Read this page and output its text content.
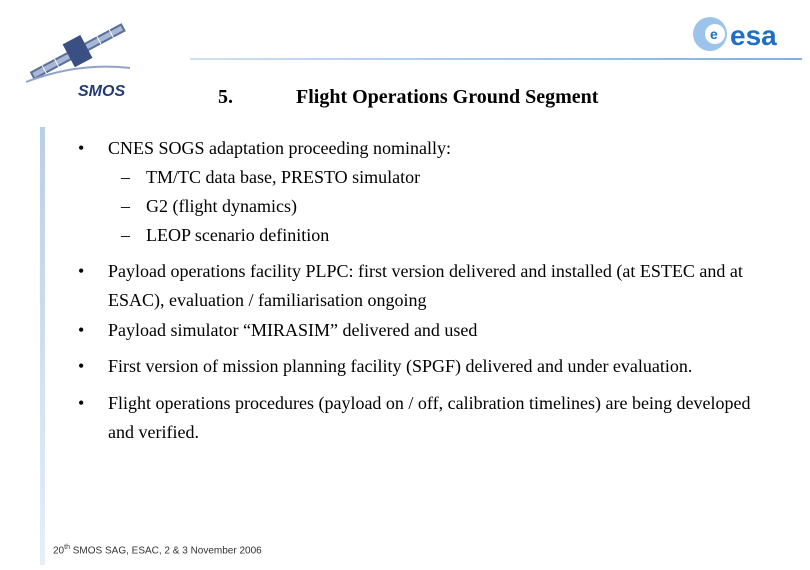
SMOS
e esa
5.	Flight Operations Ground Segment
• CNES SOGS adaptation proceeding nominally:
– TM/TC data base, PRESTO simulator
– G2 (flight dynamics)
– LEOP scenario definition
• Payload operations facility PLPC: first version delivered and installed (at ESTEC and at ESAC), evaluation / familiarisation ongoing
• Payload simulator “MIRASIM” delivered and used
• First version of mission planning facility (SPGF) delivered and under evaluation.
• Flight operations procedures (payload on / off, calibration timelines) are being developed and verified.
20th SMOS SAG, ESAC, 2 & 3 November 2006
